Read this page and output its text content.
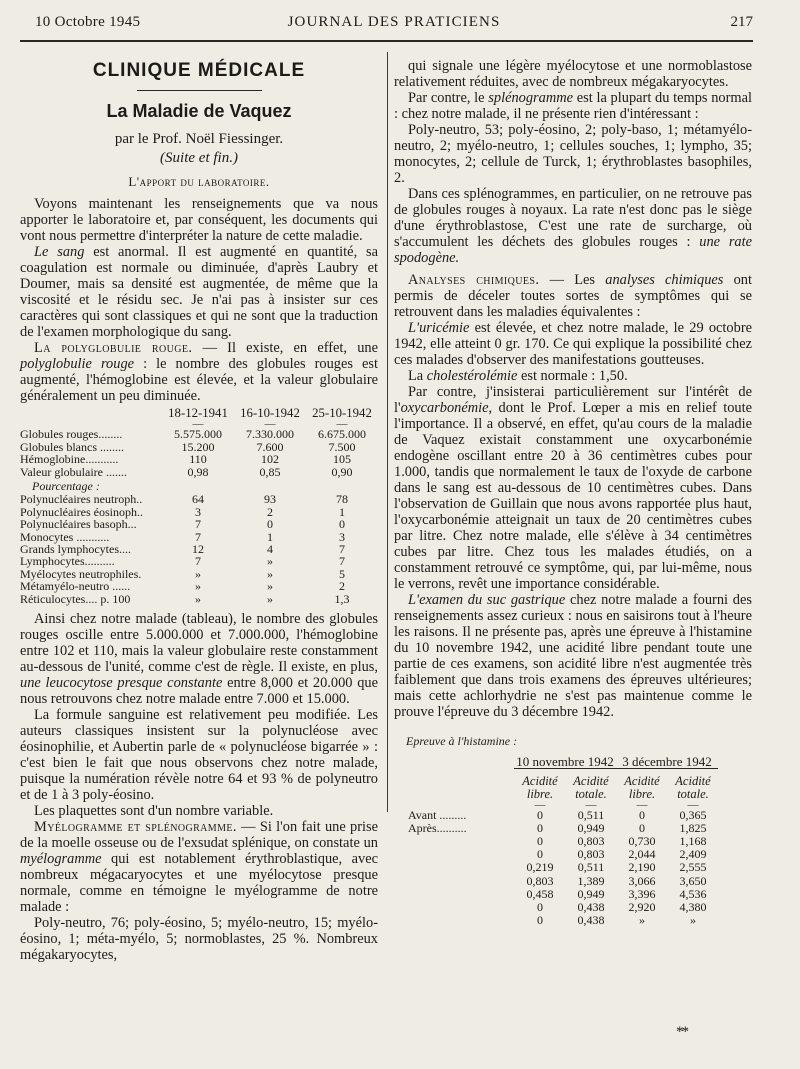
10 Octobre 1945	JOURNAL DES PRATICIENS	217
CLINIQUE MÉDICALE
La Maladie de Vaquez
par le Prof. Noël Fiessinger.
(Suite et fin.)
L'apport du laboratoire.

Voyons maintenant les renseignements que va nous apporter le laboratoire et, par conséquent, les documents qui vont nous permettre d'interpréter la nature de cette maladie.

Le sang est anormal. Il est augmenté en quantité, sa coagulation est normale ou diminuée, d'après Laubry et Doumer, mais sa densité est augmentée, de même que la viscosité et le résidu sec. Je n'ai pas à insister sur ces caractères qui sont classiques et qui ne sont que la traduction de l'examen morphologique du sang.

La polyglobulie rouge. — Il existe, en effet, une polyglobulie rouge : le nombre des globules rouges est augmenté, l'hémoglobine est élevée, et la valeur globulaire généralement un peu diminuée.

	18-12-1941	16-10-1942	25-10-1942
	—	—	—
Globules rouges........	5.575.000	7.330.000	6.675.000
Globules blancs ........	15.200	7.600	7.500
Hémoglobine...........	110	102	105
Valeur globulaire .......	0,98	0,85	0,90
Pourcentage :			
Polynucléaires neutroph..	64	93	78
Polynucléaires éosinoph..	3	2	1
Polynucléaires basoph...	7	0	0
Monocytes ...........	7	1	3
Grands lymphocytes....	12	4	7
Lymphocytes..........	7	»	7
Myélocytes neutrophiles.	»	»	5
Métamyélo-neutro ......	»	»	2
Réticulocytes.... p. 100	»	»	1,3

Ainsi chez notre malade (tableau), le nombre des globules rouges oscille entre 5.000.000 et 7.000.000, l'hémoglobine entre 102 et 110, mais la valeur globulaire reste constamment au-dessous de l'unité, comme c'est de règle. Il existe, en plus, une leucocytose presque constante entre 8,000 et 20.000 que nous retrouvons chez notre malade entre 7.000 et 15.000.

La formule sanguine est relativement peu modifiée. Les auteurs classiques insistent sur la polynucléose avec éosinophilie, et Aubertin parle de « polynucléose bigarrée » : c'est bien le fait que nous observons chez notre malade, puisque la numération révèle notre 64 et 93 % de polyneutro et de 1 à 3 poly-éosino.

Les plaquettes sont d'un nombre variable.

Myélogramme et splénogramme. — Si l'on fait une prise de la moelle osseuse ou de l'exsudat splénique, on constate un myélogramme qui est notablement érythroblastique, avec nombreux mégacaryocytes et une myélocytose presque normale, comme en témoigne le myélogramme de notre malade :

Poly-neutro, 76; poly-éosino, 5; myélo-neutro, 15; myélo-éosino, 1; méta-myélo, 5; normoblastes, 25 %. Nombreux mégakaryocytes,

qui signale une légère myélocytose et une normoblastose relativement réduites, avec de nombreux mégakaryocytes.

Par contre, le splénogramme est la plupart du temps normal : chez notre malade, il ne présente rien d'intéressant :

Poly-neutro, 53; poly-éosino, 2; poly-baso, 1; métamyélo-neutro, 2; myélo-neutro, 1; cellules souches, 1; lympho, 35; monocytes, 2; cellule de Turck, 1; érythroblastes basophiles, 2.

Dans ces splénogrammes, en particulier, on ne retrouve pas de globules rouges à noyaux. La rate n'est donc pas le siège d'une érythroblastose, C'est une rate de surcharge, où s'accumulent les déchets des globules rouges : une rate spodogène.

Analyses chimiques. — Les analyses chimiques ont permis de déceler toutes sortes de symptômes qui se retrouvent dans les maladies équivalentes :

L'uricémie est élevée, et chez notre malade, le 29 octobre 1942, elle atteint 0 gr. 170. Ce qui explique la possibilité chez ces malades d'observer des manifestations goutteuses.

La cholestérolémie est normale : 1,50.

Par contre, j'insisterai particulièrement sur l'intérêt de l'oxycarbonémie, dont le Prof. Lœper a mis en relief toute l'importance. Il a observé, en effet, qu'au cours de la maladie de Vaquez existait constamment une oxycarbonémie endogène oscillant entre 20 à 36 centimètres cubes pour 1.000, tandis que normalement le taux de l'oxyde de carbone dans le sang est au-dessous de 10 centimètres cubes. Dans l'observation de Guillain que nous avons rapportée plus haut, l'oxycarbonémie atteignait un taux de 20 centimètres cubes par litre. Chez notre malade, elle s'élève à 34 centimètres cubes par litre. Chez tous les malades étudiés, on a constamment retrouvé ce symptôme, qui, par lui-même, nous le verrons, revêt une importance considérable.

L'examen du suc gastrique chez notre malade a fourni des renseignements assez curieux : nous en saisirons tout à l'heure les raisons. Il ne présente pas, après une épreuve à l'histamine du 10 novembre 1942, une acidité libre pendant toute une partie de ces examens, son acidité libre n'est augmentée très faiblement que dans trois examens des épreuves ultérieures; mais cette achlorhydrie ne s'est pas maintenue comme le prouve l'épreuve du 3 décembre 1942.

Epreuve à l'histamine :
	10 novembre 1942		3 décembre 1942	

	Acidité	Acidité	Acidité	Acidité
	libre.	totale.	libre.	totale.
	—	—	—	—
Avant .........	0	0,511	0	0,365
Après..........	0	0,949	0	1,825
	0	0,803	0,730	1,168
	0	0,803	2,044	2,409
	0,219	0,511	2,190	2,555
	0,803	1,389	3,066	3,650
	0,458	0,949	3,396	4,536
	0	0,438	2,920	4,380
	0	0,438	»	»
**
